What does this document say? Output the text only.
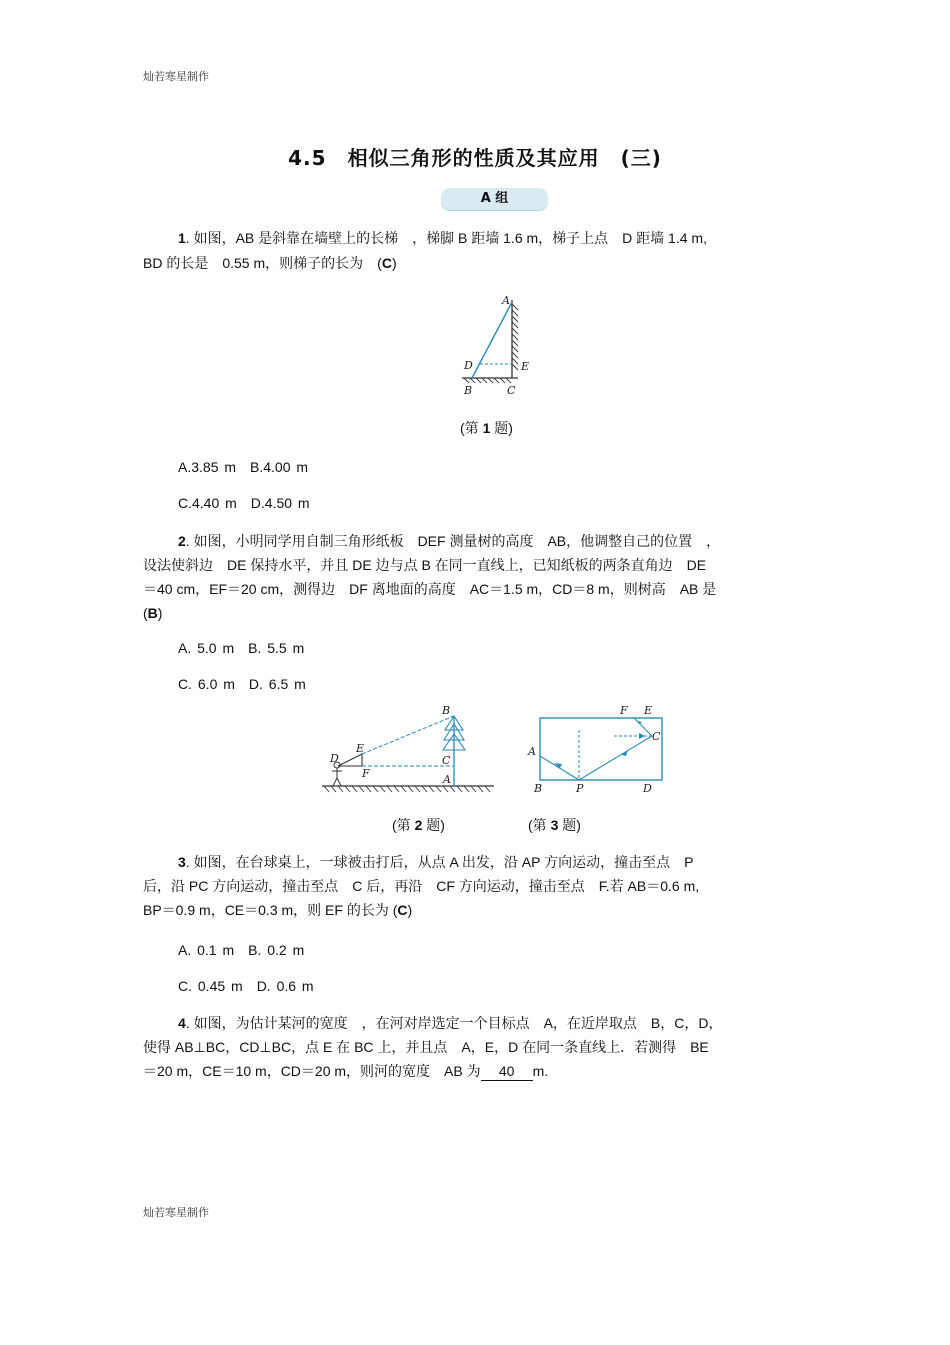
灿若寒星制作
4.5　相似三角形的性质及其应用　(三)
A 组
1. 如图，AB 是斜靠在墙壁上的长梯　，梯脚 B 距墙 1.6 m，梯子上点　D 距墙 1.4 m,
BD 的长是　0.55 m，则梯子的长为　(C)
A
D	E
B	C
(第 1 题)
A.3.85 m　B.4.00 m
C.4.40 m　D.4.50 m
2. 如图，小明同学用自制三角形纸板　DEF 测量树的高度　AB，他调整自己的位置　，
设法使斜边　DE 保持水平，并且 DE 边与点 B 在同一直线上，已知纸板的两条直角边　DE
＝40 cm，EF＝20 cm，测得边　DF 离地面的高度　AC＝1.5 m，CD＝8 m，则树高　AB 是
(B)
A. 5.0 m　B. 5.5 m
C. 6.0 m　D. 6.5 m
B
E
D
F
C
A
F E
A
C
B	P	D
(第 2 题)	(第 3 题)
3. 如图，在台球桌上，一球被击打后，从点 A 出发，沿 AP 方向运动，撞击至点　P
后，沿 PC 方向运动，撞击至点　C 后，再沿　CF 方向运动，撞击至点　F.若 AB＝0.6 m,
BP＝0.9 m，CE＝0.3 m，则 EF 的长为 (C)
A. 0.1 m　B. 0.2 m
C. 0.45 m　D. 0.6 m
4. 如图，为估计某河的宽度　，在河对岸选定一个目标点　A，在近岸取点　B，C，D，
使得 AB⊥BC，CD⊥BC，点 E 在 BC 上，并且点　A，E，D 在同一条直线上．若测得　BE
＝20 m，CE＝10 m，CD＝20 m，则河的宽度　AB 为 40 m.
灿若寒星制作
